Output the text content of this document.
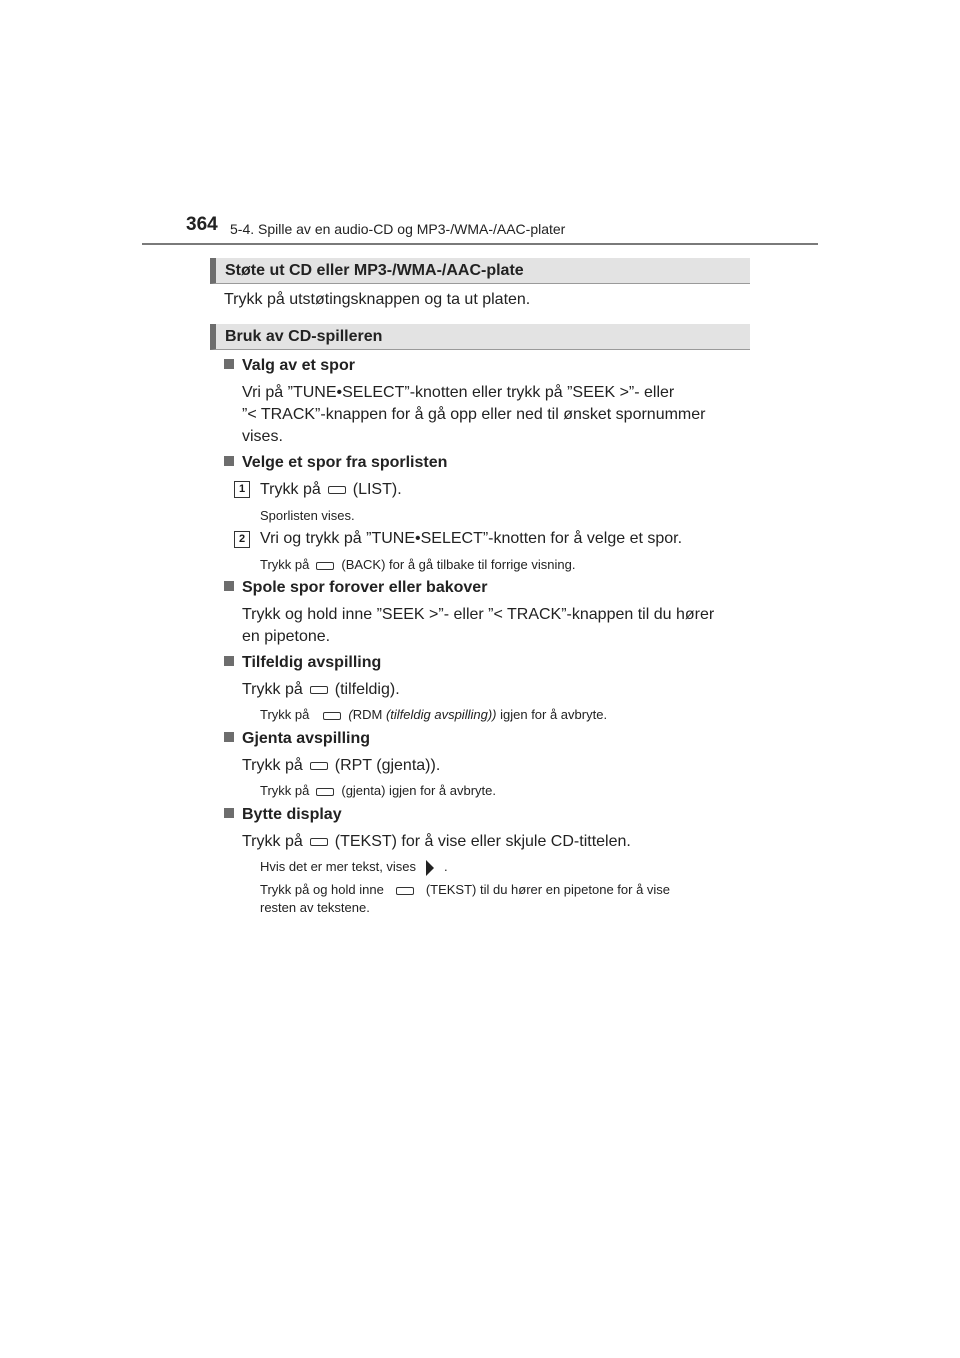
364 5-4. Spille av en audio-CD og MP3-/WMA-/AAC-plater
Støte ut CD eller MP3-/WMA-/AAC-plate
Trykk på utstøtingsknappen og ta ut platen.
Bruk av CD-spilleren
Valg av et spor
Vri på ”TUNE•SELECT”-knotten eller trykk på ”SEEK >”- eller
”< TRACK”-knappen for å gå opp eller ned til ønsket spornummer
vises.
Velge et spor fra sporlisten
1 Trykk på (LIST).
Sporlisten vises.
2 Vri og trykk på ”TUNE•SELECT”-knotten for å velge et spor.
Trykk på (BACK) for å gå tilbake til forrige visning.
Spole spor forover eller bakover
Trykk og hold inne ”SEEK >”- eller ”< TRACK”-knappen til du hører
en pipetone.
Tilfeldig avspilling
Trykk på (tilfeldig).
Trykk på	(RDM (tilfeldig avspilling)) igjen for å avbryte.
Gjenta avspilling
Trykk på (RPT (gjenta)).
Trykk på (gjenta) igjen for å avbryte.
Bytte display
Trykk på (TEKST) for å vise eller skjule CD-tittelen.
Hvis det er mer tekst, vises .
Trykk på og hold inne	(TEKST) til du hører en pipetone for å vise
resten av tekstene.
